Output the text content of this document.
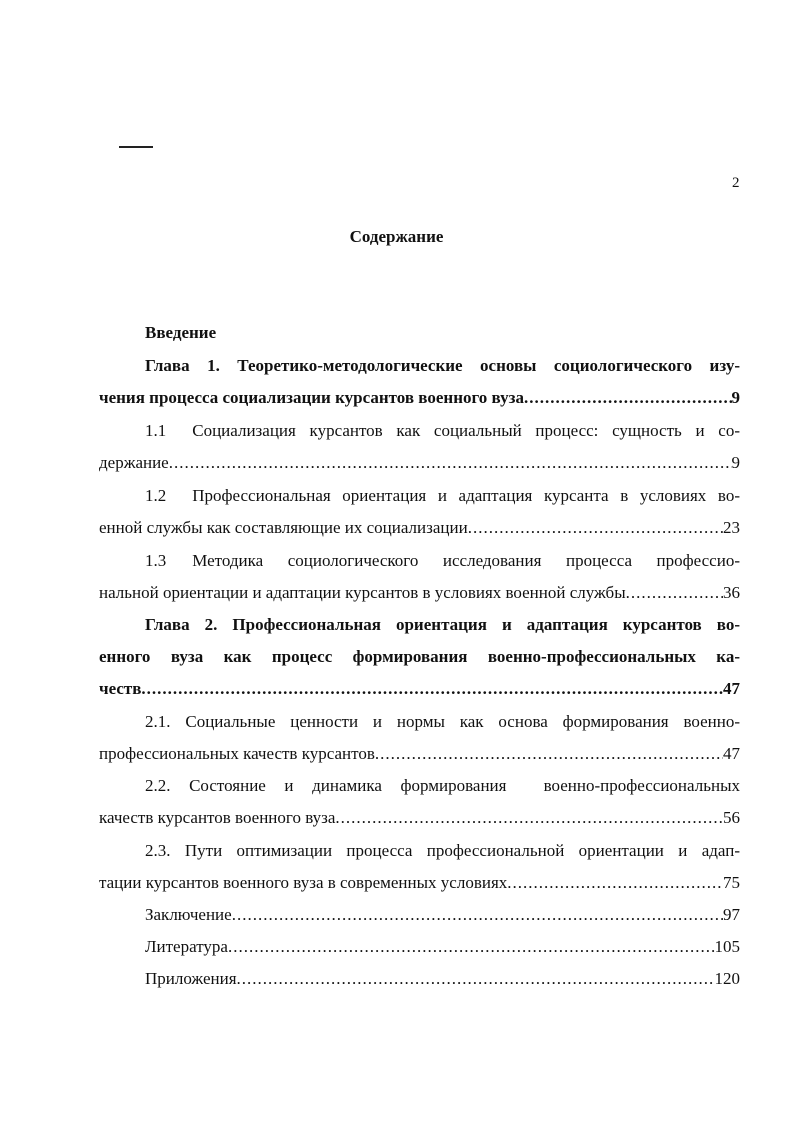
2
Содержание
Введение
Глава 1. Теоретико-методологические основы социологического изу-
чения процесса социализации курсантов военного вуза .....	9
1.1 Социализация курсантов как социальный процесс: сущность и со-
держание .....	9
1.2 Профессиональная ориентация и адаптация курсанта в условиях во-
енной службы как составляющие их социализации .....	23
1.3 Методика социологического исследования процесса профессио-
нальной ориентации и адаптации курсантов в условиях военной службы .....	36
Глава 2. Профессиональная ориентация и адаптация курсантов во-
енного вуза как процесс формирования военно-профессиональных ка-
честв .....	47
2.1. Социальные ценности и нормы как основа формирования военно-
профессиональных качеств курсантов .....	47
2.2. Состояние и динамика формирования  военно-профессиональных
качеств курсантов военного вуза .....	56
2.3. Пути оптимизации процесса профессиональной ориентации и адап-
тации курсантов военного вуза в современных условиях .....	75
Заключение .....	97
Литература .....	105
Приложения .....	120
